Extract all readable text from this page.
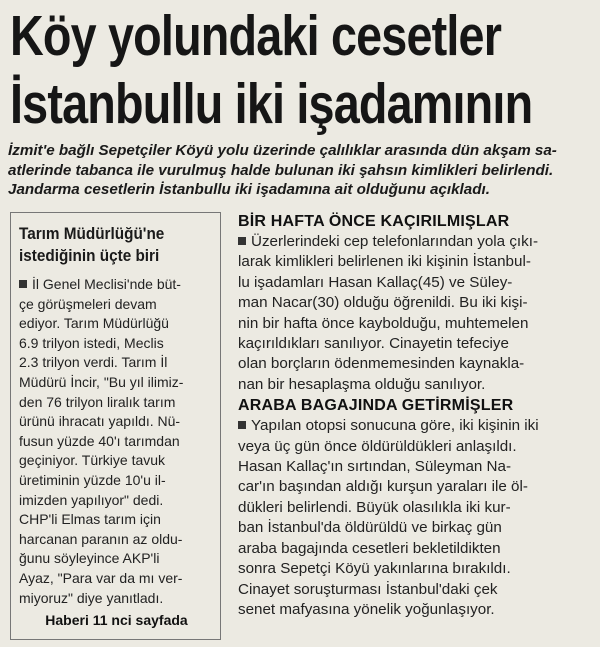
Köy yolundaki cesetler
İstanbullu iki işadamının
İzmit'e bağlı Sepetçiler Köyü yolu üzerinde çalılıklar arasında dün akşam sa-
atlerinde tabanca ile vurulmuş halde bulunan iki şahsın kimlikleri belirlendi.
Jandarma cesetlerin İstanbullu iki işadamına ait olduğunu açıkladı.
Tarım Müdürlüğü'ne
istediğinin üçte biri
İl Genel Meclisi'nde büt-
çe görüşmeleri devam
ediyor. Tarım Müdürlüğü
6.9 trilyon istedi, Meclis
2.3 trilyon verdi. Tarım İl
Müdürü İncir, "Bu yıl ilimiz-
den 76 trilyon liralık tarım
ürünü ihracatı yapıldı. Nü-
fusun yüzde 40'ı tarımdan
geçiniyor. Türkiye tavuk
üretiminin yüzde 10'u il-
imizden yapılıyor" dedi.
CHP'li Elmas tarım için
harcanan paranın az oldu-
ğunu söyleyince AKP'li
Ayaz, "Para var da mı ver-
miyoruz" diye yanıtladı.
Haberi 11 nci sayfada
BİR HAFTA ÖNCE KAÇIRILMIŞLAR
Üzerlerindeki cep telefonlarından yola çıkı-
larak kimlikleri belirlenen iki kişinin İstanbul-
lu işadamları Hasan Kallaç(45) ve Süley-
man Nacar(30) olduğu öğrenildi. Bu iki kişi-
nin bir hafta önce kaybolduğu, muhtemelen
kaçırıldıkları sanılıyor. Cinayetin tefeciye
olan borçların ödenmemesinden kaynakla-
nan bir hesaplaşma olduğu sanılıyor.
ARABA BAGAJINDA GETİRMİŞLER
Yapılan otopsi sonucuna göre, iki kişinin iki
veya üç gün önce öldürüldükleri anlaşıldı.
Hasan Kallaç'ın sırtından, Süleyman Na-
car'ın başından aldığı kurşun yaraları ile öl-
dükleri belirlendi. Büyük olasılıkla iki kur-
ban İstanbul'da öldürüldü ve birkaç gün
araba bagajında cesetleri bekletildikten
sonra Sepetçi Köyü yakınlarına bırakıldı.
Cinayet soruşturması İstanbul'daki çek
senet mafyasına yönelik yoğunlaşıyor.
